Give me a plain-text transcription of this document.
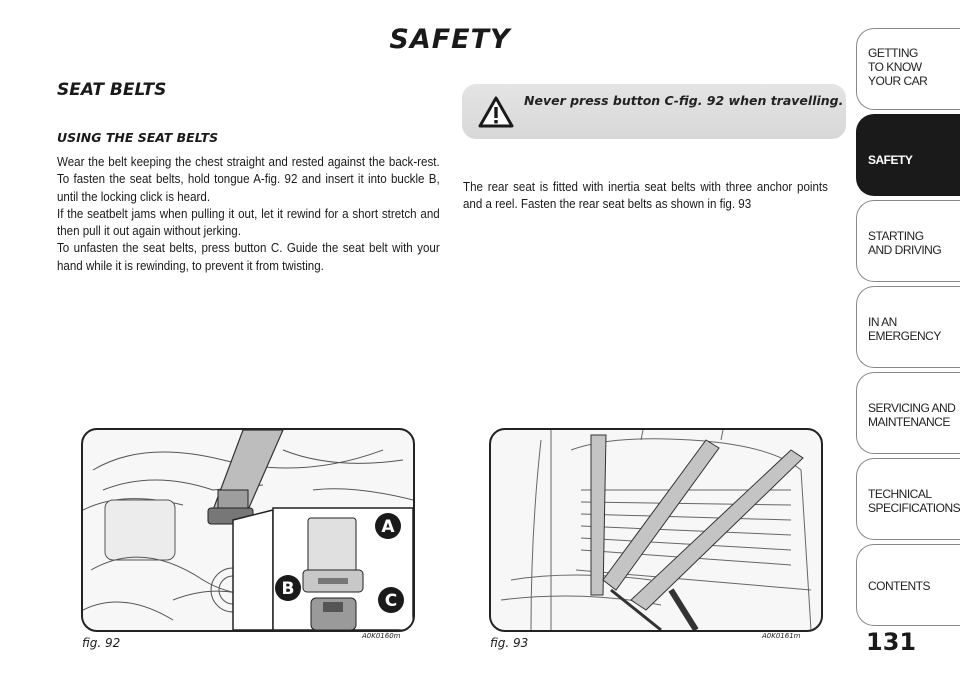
SAFETY
SEAT BELTS
USING THE SEAT BELTS

Wear the belt keeping the chest straight and rested against the back-rest. To fasten the seat belts, hold tongue A-fig. 92 and insert it into buckle B, until the locking click is heard.

If the seatbelt jams when pulling it out, let it rewind for a short stretch and then pull it out again without jerking.

To unfasten the seat belts, press button C. Guide the seat belt with your hand while it is rewinding, to prevent it from twisting.

Never press button C-fig. 92 when travelling.

The rear seat is fitted with inertia seat belts with three anchor points and a reel. Fasten the rear seat belts as shown in fig. 93

A
B
C
fig. 92	A0K0160m	fig. 93	A0K0161m	131
GETTING
TO KNOW
YOUR CAR
SAFETY
STARTING
AND DRIVING
IN AN
EMERGENCY
SERVICING AND
MAINTENANCE
TECHNICAL
SPECIFICATIONS
CONTENTS
